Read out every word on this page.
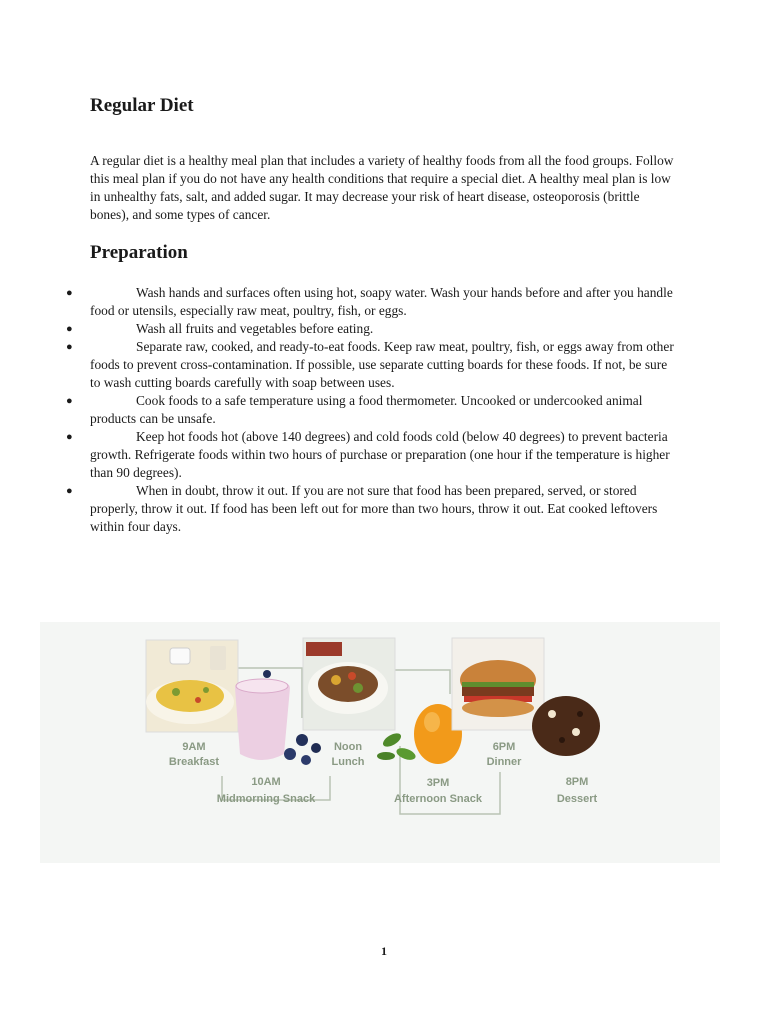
Regular Diet

A regular diet is a healthy meal plan that includes a variety of healthy foods from all the food groups. Follow this meal plan if you do not have any health conditions that require a special diet. A healthy meal plan is low in unhealthy fats, salt, and added sugar. It may decrease your risk of heart disease, osteoporosis (brittle bones), and some types of cancer.

Preparation
●	Wash hands and surfaces often using hot, soapy water. Wash your hands before and after you handle food or utensils, especially raw meat, poultry, fish, or eggs.
●	Wash all fruits and vegetables before eating.
●	Separate raw, cooked, and ready-to-eat foods. Keep raw meat, poultry, fish, or eggs away from other foods to prevent cross-contamination. If possible, use separate cutting boards for these foods. If not, be sure to wash cutting boards carefully with soap between uses.
●	Cook foods to a safe temperature using a food thermometer. Uncooked or undercooked animal products can be unsafe.
●	Keep hot foods hot (above 140 degrees) and cold foods cold (below 40 degrees) to prevent bacteria growth. Refrigerate foods within two hours of purchase or preparation (one hour if the temperature is higher than 90 degrees).
●	When in doubt, throw it out. If you are not sure that food has been prepared, served, or stored properly, throw it out. If food has been left out for more than two hours, throw it out. Eat cooked leftovers within four days.
9AM
Breakfast
10AM
Midmorning Snack
Noon
Lunch
3PM
Afternoon Snack
6PM
Dinner
8PM
Dessert

1
